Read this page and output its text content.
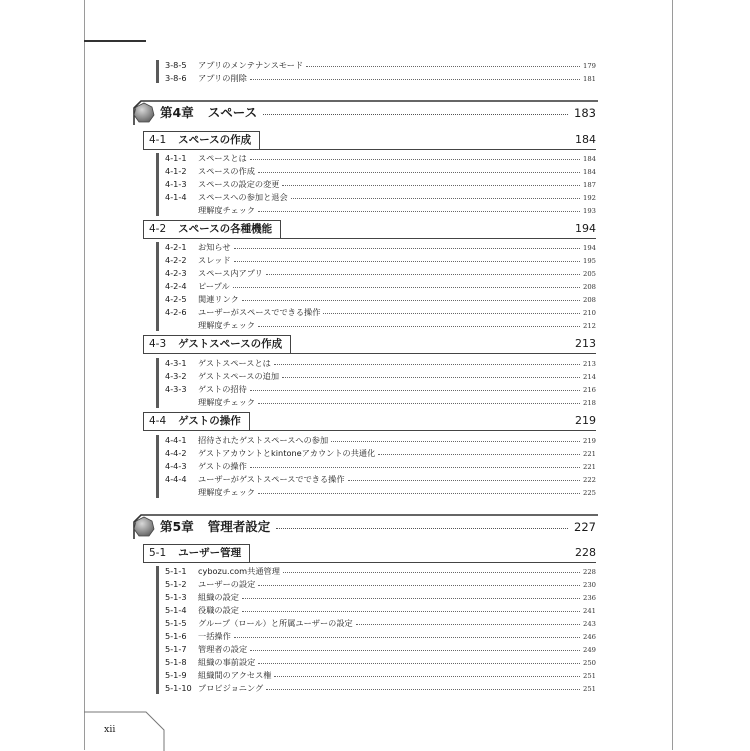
xii
3-8-5	アプリのメンテナンスモード	179
3-8-6	アプリの削除	181
第4章 スペース	183
4-1 スペースの作成	184
4-1-1	スペースとは	184
4-1-2	スペースの作成	184
4-1-3	スペースの設定の変更	187
4-1-4	スペースへの参加と退会	192
理解度チェック	193
4-2 スペースの各種機能	194
4-2-1	お知らせ	194
4-2-2	スレッド	195
4-2-3	スペース内アプリ	205
4-2-4	ピープル	208
4-2-5	関連リンク	208
4-2-6	ユーザーがスペースでできる操作	210
理解度チェック	212
4-3 ゲストスペースの作成	213
4-3-1	ゲストスペースとは	213
4-3-2	ゲストスペースの追加	214
4-3-3	ゲストの招待	216
理解度チェック	218
4-4 ゲストの操作	219
4-4-1	招待されたゲストスペースへの参加	219
4-4-2	ゲストアカウントとkintoneアカウントの共通化	221
4-4-3	ゲストの操作	221
4-4-4	ユーザーがゲストスペースでできる操作	222
理解度チェック	225
第5章 管理者設定	227
5-1 ユーザー管理	228
5-1-1	cybozu.com共通管理	228
5-1-2	ユーザーの設定	230
5-1-3	組織の設定	236
5-1-4	役職の設定	241
5-1-5	グループ（ロール）と所属ユーザーの設定	243
5-1-6	一括操作	246
5-1-7	管理者の設定	249
5-1-8	組織の事前設定	250
5-1-9	組織間のアクセス権	251
5-1-10 プロビジョニング	251
